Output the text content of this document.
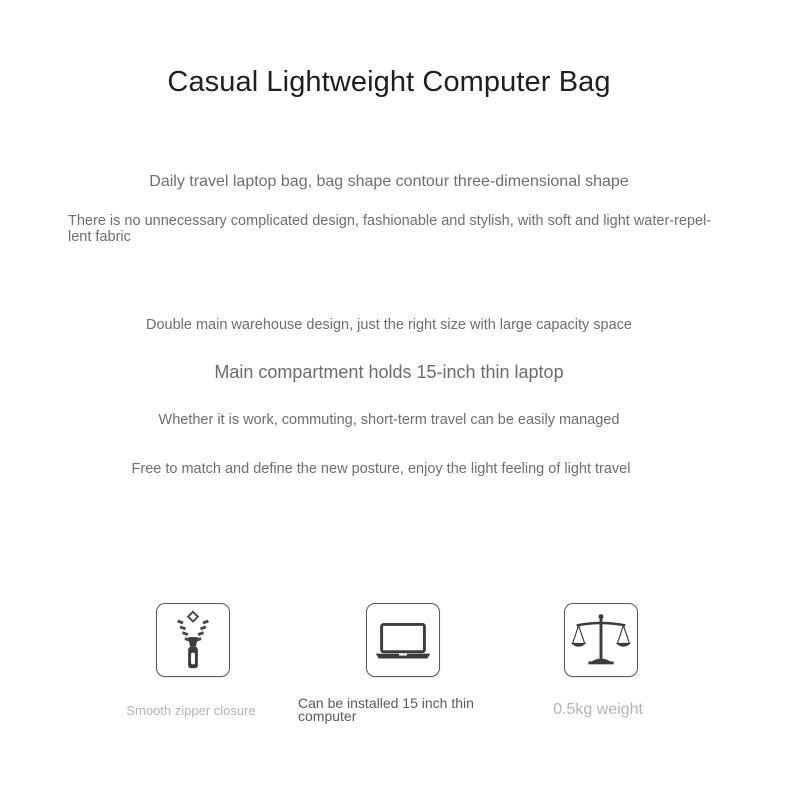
Casual Lightweight Computer Bag
Daily travel laptop bag, bag shape contour three-dimensional shape
There is no unnecessary complicated design, fashionable and stylish, with soft and light water-repel-lent fabric
Double main warehouse design, just the right size with large capacity space
Main compartment holds 15-inch thin laptop
Whether it is work, commuting, short-term travel can be easily managed
Free to match and define the new posture, enjoy the light feeling of light travel
Smooth zipper closure	Can be installed 15 inch thin computer	0.5kg weight
